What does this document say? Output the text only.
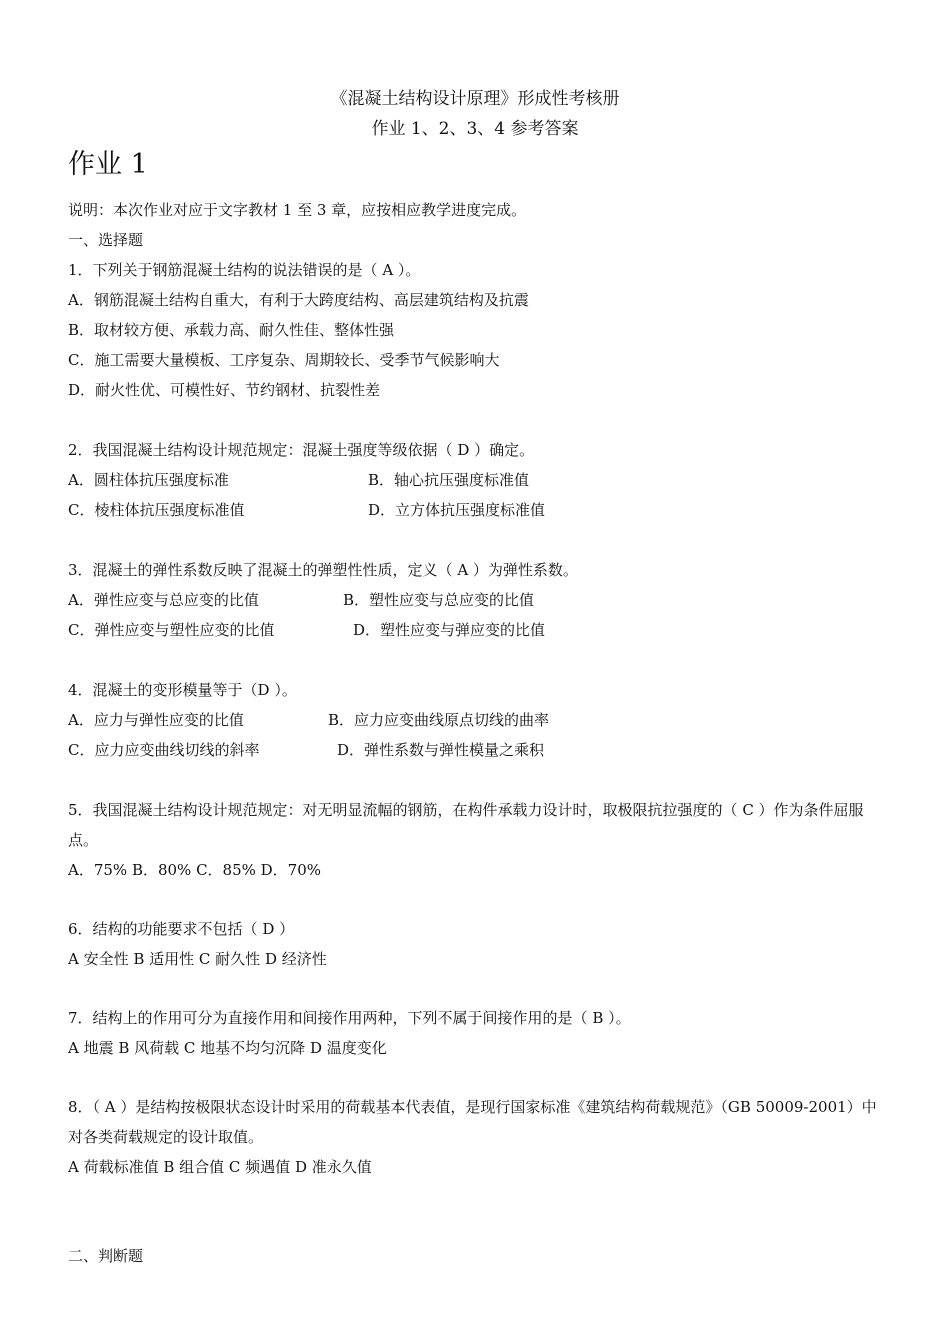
《混凝土结构设计原理》形成性考核册
作业 1、2、3、4 参考答案
作业 1
说明：本次作业对应于文字教材 1 至 3 章，应按相应教学进度完成。
一、选择题
1．下列关于钢筋混凝土结构的说法错误的是（ A ）。
A．钢筋混凝土结构自重大，有利于大跨度结构、高层建筑结构及抗震
B．取材较方便、承载力高、耐久性佳、整体性强
C．施工需要大量模板、工序复杂、周期较长、受季节气候影响大
D．耐火性优、可模性好、节约钢材、抗裂性差
2．我国混凝土结构设计规范规定：混凝土强度等级依据（ D ）确定。
A．圆柱体抗压强度标准	B．轴心抗压强度标准值
C．棱柱体抗压强度标准值	D．立方体抗压强度标准值
3．混凝土的弹性系数反映了混凝土的弹塑性性质，定义（ A ）为弹性系数。
A．弹性应变与总应变的比值	B．塑性应变与总应变的比值
C．弹性应变与塑性应变的比值	D．塑性应变与弹应变的比值
4．混凝土的变形模量等于（D ）。
A．应力与弹性应变的比值	B．应力应变曲线原点切线的曲率
C．应力应变曲线切线的斜率	D．弹性系数与弹性模量之乘积
5．我国混凝土结构设计规范规定：对无明显流幅的钢筋，在构件承载力设计时，取极限抗拉强度的（ C ）作为条件屈服点。
A．75% B．80% C．85% D．70%
6．结构的功能要求不包括（ D ）
A 安全性 B 适用性 C 耐久性 D 经济性
7．结构上的作用可分为直接作用和间接作用两种，下列不属于间接作用的是（ B ）。
A 地震 B 风荷载 C 地基不均匀沉降 D 温度变化
8．（ A ）是结构按极限状态设计时采用的荷载基本代表值，是现行国家标准《建筑结构荷载规范》（GB 50009-2001）中对各类荷载规定的设计取值。
A 荷载标准值 B 组合值 C 频遇值 D 准永久值
二、判断题
